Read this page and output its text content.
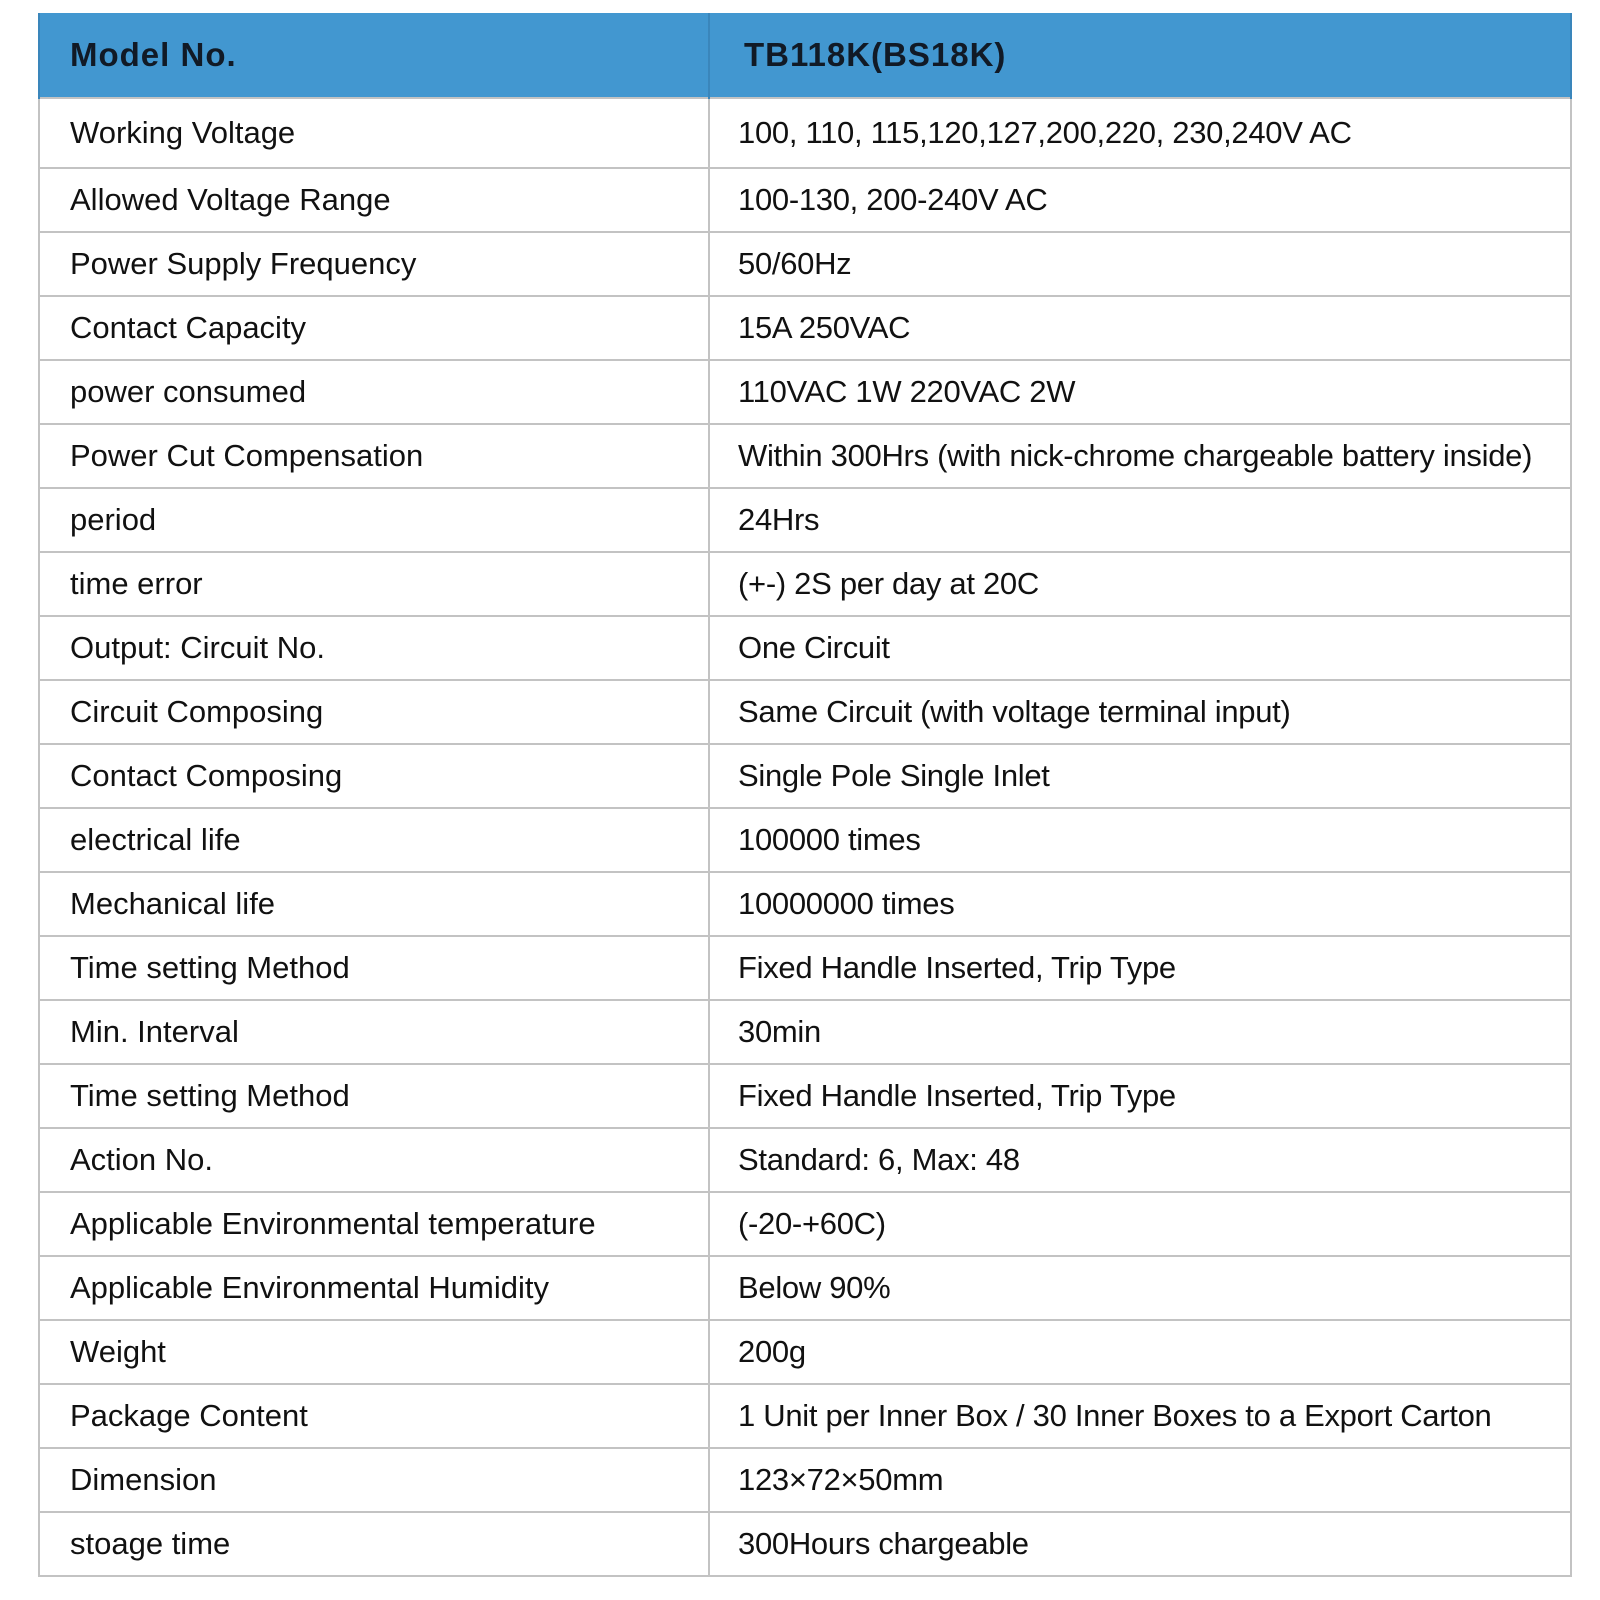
Model No.	TB118K(BS18K)
Working Voltage	100, 110, 115,120,127,200,220, 230,240V AC
Allowed Voltage Range	100-130, 200-240V AC
Power Supply Frequency	50/60Hz
Contact Capacity	15A 250VAC
power consumed	110VAC 1W 220VAC 2W
Power Cut Compensation	Within 300Hrs (with nick-chrome chargeable battery inside)
period	24Hrs
time error	(+-) 2S per day at 20C
Output: Circuit No.	One Circuit
Circuit Composing	Same Circuit (with voltage terminal input)
Contact Composing	Single Pole Single Inlet
electrical life	100000 times
Mechanical life	10000000 times
Time setting Method	Fixed Handle Inserted, Trip Type
Min. Interval	30min
Time setting Method	Fixed Handle Inserted, Trip Type
Action No.	Standard: 6, Max: 48
Applicable Environmental temperature	(-20-+60C)
Applicable Environmental Humidity	Below 90%
Weight	200g
Package Content	1 Unit per Inner Box / 30 Inner Boxes to a Export Carton
Dimension	123×72×50mm
stoage time	300Hours chargeable
